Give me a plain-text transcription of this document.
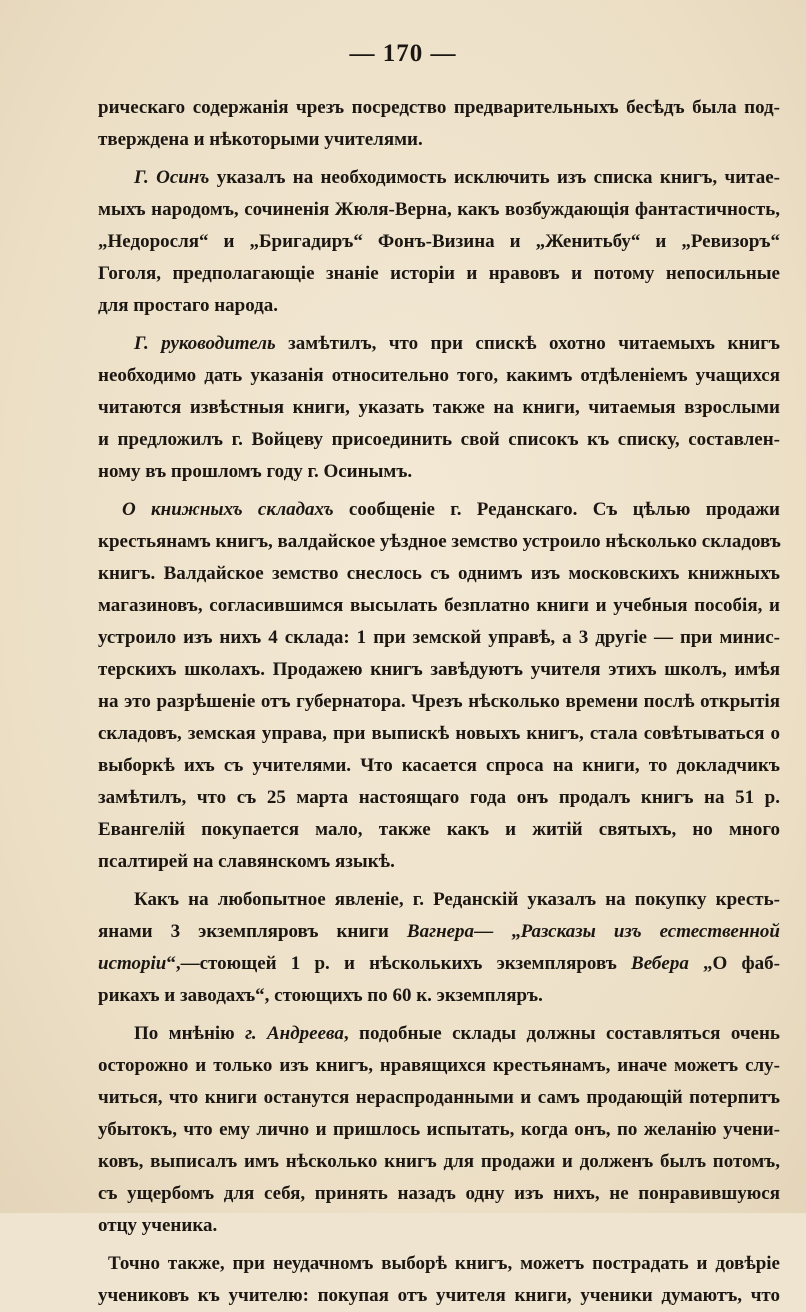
— 170 —
рическаго содержанія чрезъ посредство предварительныхъ бесѣдъ была под-
тверждена и нѣкоторыми учителями.
Г. Осинъ указалъ на необходимость исключить изъ списка книгъ, читае-
мыхъ народомъ, сочиненія Жюля-Верна, какъ возбуждающія фантастичность,
„Недоросля“ и „Бригадиръ“ Фонъ-Визина и „Женитьбу“ и „Ревизоръ“
Гоголя, предполагающіе знаніе исторіи и нравовъ и потому непосильные
для простаго народа.
Г. руководитель замѣтилъ, что при спискѣ охотно читаемыхъ книгъ
необходимо дать указанія относительно того, какимъ отдѣленіемъ учащихся
читаются извѣстныя книги, указать также на книги, читаемыя взрослыми
и предложилъ г. Войцеву присоединить свой списокъ къ списку, составлен-
ному въ прошломъ году г. Осинымъ.
О книжныхъ складахъ сообщеніе г. Реданскаго. Съ цѣлью продажи
крестьянамъ книгъ, валдайское уѣздное земство устроило нѣсколько складовъ
книгъ. Валдайское земство снеслось съ однимъ изъ московскихъ книжныхъ
магазиновъ, согласившимся высылать безплатно книги и учебныя пособія, и
устроило изъ нихъ 4 склада: 1 при земской управѣ, а 3 другіе — при минис-
терскихъ школахъ. Продажею книгъ завѣдуютъ учителя этихъ школъ, имѣя
на это разрѣшеніе отъ губернатора. Чрезъ нѣсколько времени послѣ открытія
складовъ, земская управа, при выпискѣ новыхъ книгъ, стала совѣтываться о
выборкѣ ихъ съ учителями. Что касается спроса на книги, то докладчикъ
замѣтилъ, что съ 25 марта настоящаго года онъ продалъ книгъ на 51 р.
Евангелій покупается мало, также какъ и житій святыхъ, но много
псалтирей на славянскомъ языкѣ.
Какъ на любопытное явленіе, г. Реданскій указалъ на покупку кресть-
янами 3 экземпляровъ книги Вагнера— „Разсказы изъ естественной
исторіи“,—стоющей 1 р. и нѣсколькихъ экземпляровъ Вебера „О фаб-
рикахъ и заводахъ“, стоющихъ по 60 к. экземпляръ.
По мнѣнію г. Андреева, подобные склады должны составляться очень
осторожно и только изъ книгъ, нравящихся крестьянамъ, иначе можетъ слу-
читься, что книги останутся нераспроданными и самъ продающій потерпитъ
убытокъ, что ему лично и пришлось испытать, когда онъ, по желанію учени-
ковъ, выписалъ имъ нѣсколько книгъ для продажи и долженъ былъ потомъ,
съ ущербомъ для себя, принять назадъ одну изъ нихъ, не понравившуюся
отцу ученика.
Точно также, при неудачномъ выборѣ книгъ, можетъ пострадать и довѣріе
учениковъ къ учителю: покупая отъ учителя книги, ученики думаютъ, что
